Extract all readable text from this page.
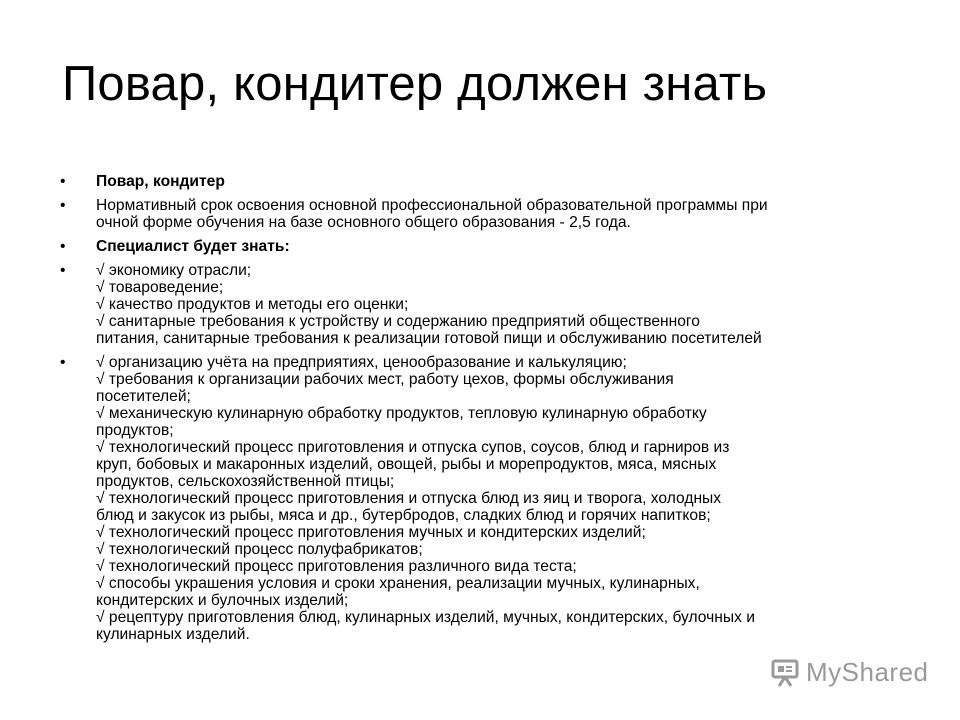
Повар, кондитер должен знать
• Повар, кондитер
• Нормативный срок освоения основной профессиональной образовательной программы при
очной форме обучения на базе основного общего образования - 2,5 года.
• Специалист будет знать:
• √ экономику отрасли;
√ товароведение;
√ качество продуктов и методы его оценки;
√ санитарные требования к устройству и содержанию предприятий общественного
питания, санитарные требования к реализации готовой пищи и обслуживанию посетителей
• √ организацию учёта на предприятиях, ценообразование и калькуляцию;
√ требования к организации рабочих мест, работу цехов, формы обслуживания
посетителей;
√ механическую кулинарную обработку продуктов, тепловую кулинарную обработку
продуктов;
√ технологический процесс приготовления и отпуска супов, соусов, блюд и гарниров из
круп, бобовых и макаронных изделий, овощей, рыбы и морепродуктов, мяса, мясных
продуктов, сельскохозяйственной птицы;
√ технологический процесс приготовления и отпуска блюд из яиц и творога, холодных
блюд и закусок из рыбы, мяса и др., бутербродов, сладких блюд и горячих напитков;
√ технологический процесс приготовления мучных и кондитерских изделий;
√ технологический процесс полуфабрикатов;
√ технологический процесс приготовления различного вида теста;
√ способы украшения условия и сроки хранения, реализации мучных, кулинарных,
кондитерских и булочных изделий;
√ рецептуру приготовления блюд, кулинарных изделий, мучных, кондитерских, булочных и
кулинарных изделий.
MyShared
